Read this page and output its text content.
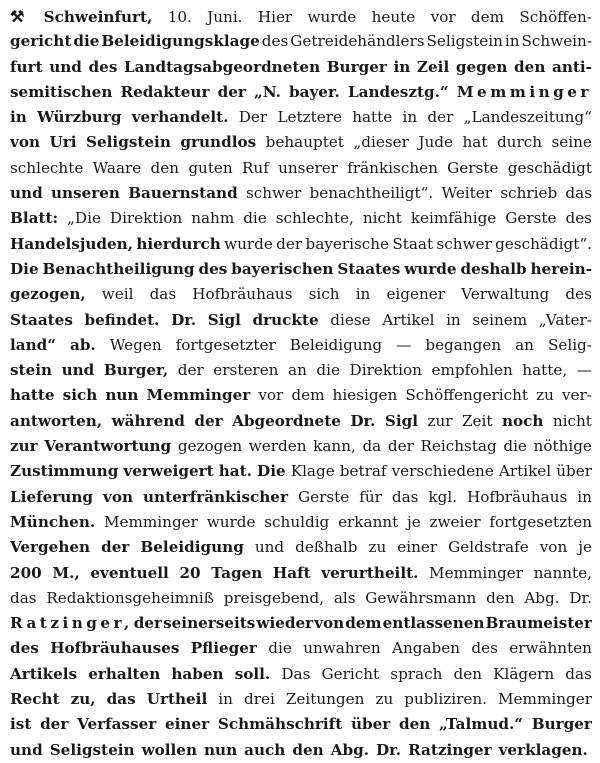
⚒ Schweinfurt, 10. Juni. Hier wurde heute vor dem Schöffen-
gericht die Beleidigungsklage des Getreidehändlers Seligstein in Schwein-
furt und des Landtagsabgeordneten Burger in Zeil gegen den anti-
semitischen Redakteur der „N. bayer. Landesztg.“ Memminger
in Würzburg verhandelt. Der Letztere hatte in der „Landeszeitung“
von Uri Seligstein grundlos behauptet „dieser Jude hat durch seine
schlechte Waare den guten Ruf unserer fränkischen Gerste geschädigt
und unseren Bauernstand schwer benachtheiligt“. Weiter schrieb das
Blatt: „Die Direktion nahm die schlechte, nicht keimfähige Gerste des
Handelsjuden, hierdurch wurde der bayerische Staat schwer geschädigt“.
Die Benachtheiligung des bayerischen Staates wurde deshalb herein-
gezogen, weil das Hofbräuhaus sich in eigener Verwaltung des
Staates befindet. Dr. Sigl druckte diese Artikel in seinem „Vater-
land“ ab. Wegen fortgesetzter Beleidigung — begangen an Selig-
stein und Burger, der ersteren an die Direktion empfohlen hatte, —
hatte sich nun Memminger vor dem hiesigen Schöffengericht zu ver-
antworten, während der Abgeordnete Dr. Sigl zur Zeit noch nicht
zur Verantwortung gezogen werden kann, da der Reichstag die nöthige
Zustimmung verweigert hat. Die Klage betraf verschiedene Artikel über
Lieferung von unterfränkischer Gerste für das kgl. Hofbräuhaus in
München. Memminger wurde schuldig erkannt je zweier fortgesetzten
Vergehen der Beleidigung und deßhalb zu einer Geldstrafe von je
200 M., eventuell 20 Tagen Haft verurtheilt. Memminger nannte,
das Redaktionsgeheimniß preisgebend, als Gewährsmann den Abg. Dr.
Ratzinger, der seinerseits wieder von dem entlassenen Braumeister
des Hofbräuhauses Pflieger die unwahren Angaben des erwähnten
Artikels erhalten haben soll. Das Gericht sprach den Klägern das
Recht zu, das Urtheil in drei Zeitungen zu publiziren. Memminger
ist der Verfasser einer Schmähschrift über den „Talmud.“ Burger
und Seligstein wollen nun auch den Abg. Dr. Ratzinger verklagen.
